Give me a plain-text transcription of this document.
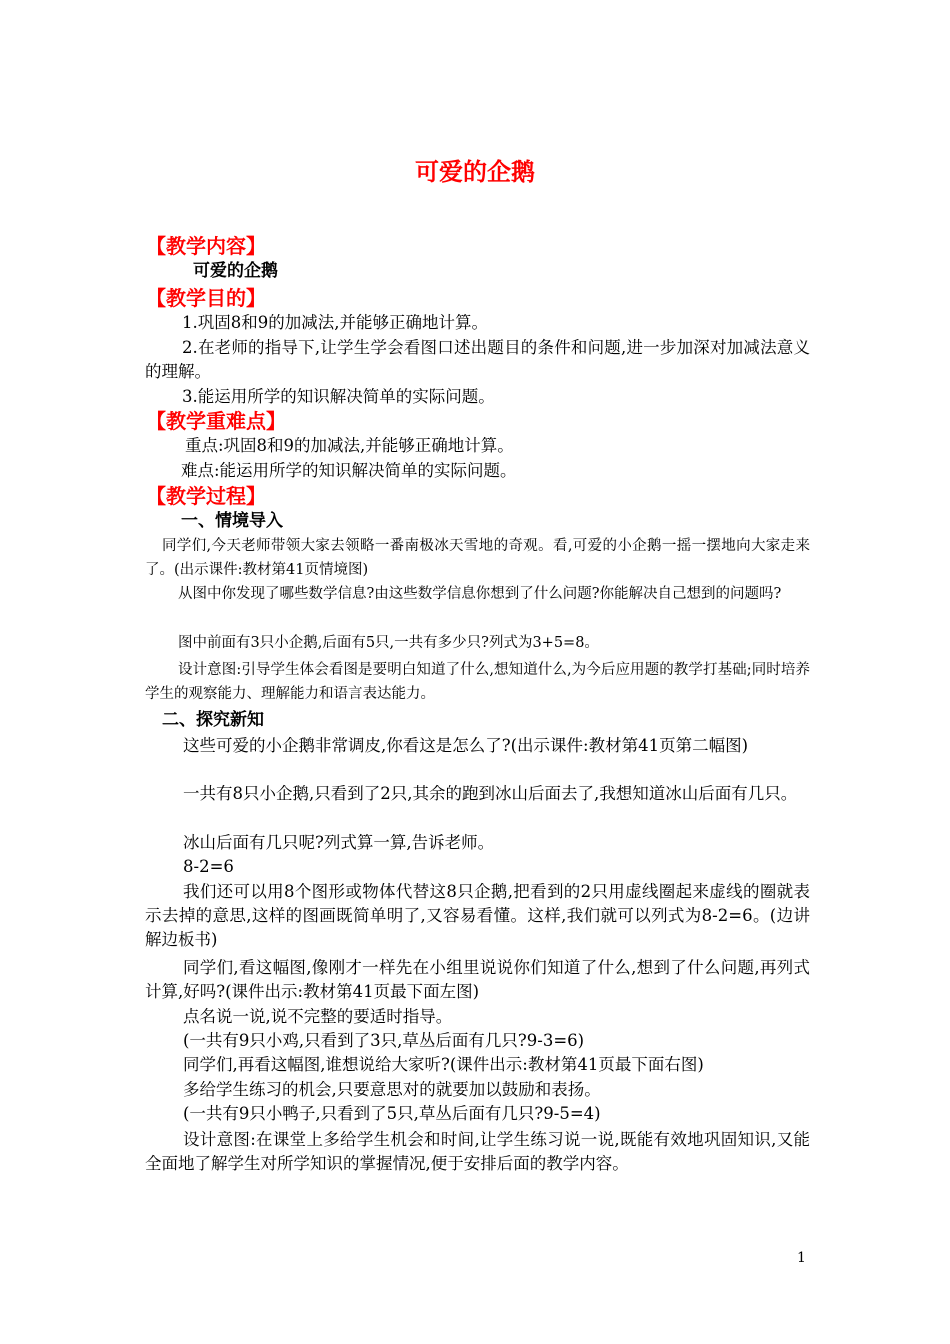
可爱的企鹅
【教学内容】
可爱的企鹅
【教学目的】
1.巩固8和9的加减法,并能够正确地计算。
2.在老师的指导下,让学生学会看图口述出题目的条件和问题,进一步加深对加减法意义的理解。
3.能运用所学的知识解决简单的实际问题。
【教学重难点】
重点:巩固8和9的加减法,并能够正确地计算。
难点:能运用所学的知识解决简单的实际问题。
【教学过程】
一、情境导入
同学们,今天老师带领大家去领略一番南极冰天雪地的奇观。看,可爱的小企鹅一摇一摆地向大家走来了。(出示课件:教材第41页情境图)
从图中你发现了哪些数学信息?由这些数学信息你想到了什么问题?你能解决自己想到的问题吗?
图中前面有3只小企鹅,后面有5只,一共有多少只?列式为3+5=8。
设计意图:引导学生体会看图是要明白知道了什么,想知道什么,为今后应用题的教学打基础;同时培养学生的观察能力、理解能力和语言表达能力。
二、探究新知
这些可爱的小企鹅非常调皮,你看这是怎么了?(出示课件:教材第41页第二幅图)
一共有8只小企鹅,只看到了2只,其余的跑到冰山后面去了,我想知道冰山后面有几只。
冰山后面有几只呢?列式算一算,告诉老师。
8-2=6
我们还可以用8个图形或物体代替这8只企鹅,把看到的2只用虚线圈起来虚线的圈就表示去掉的意思,这样的图画既简单明了,又容易看懂。这样,我们就可以列式为8-2=6。(边讲解边板书)
同学们,看这幅图,像刚才一样先在小组里说说你们知道了什么,想到了什么问题,再列式计算,好吗?(课件出示:教材第41页最下面左图)
点名说一说,说不完整的要适时指导。
(一共有9只小鸡,只看到了3只,草丛后面有几只?9-3=6)
同学们,再看这幅图,谁想说给大家听?(课件出示:教材第41页最下面右图)
多给学生练习的机会,只要意思对的就要加以鼓励和表扬。
(一共有9只小鸭子,只看到了5只,草丛后面有几只?9-5=4)
设计意图:在课堂上多给学生机会和时间,让学生练习说一说,既能有效地巩固知识,又能全面地了解学生对所学知识的掌握情况,便于安排后面的教学内容。
1
